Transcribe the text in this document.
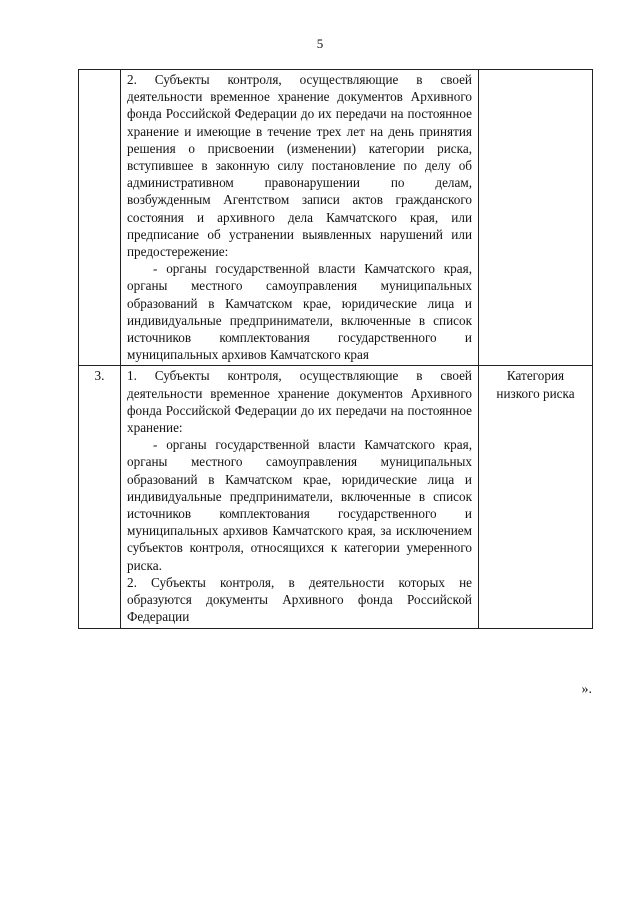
5

	2. Субъекты контроля, осуществляющие в своей деятельности временное хранение документов Архивного фонда Российской Федерации до их передачи на постоянное хранение и имеющие в течение трех лет на день принятия решения о присвоении (изменении) категории риска, вступившее в законную силу постановление по делу об административном правонарушении по делам, возбужденным Агентством записи актов гражданского состояния и архивного дела Камчатского края, или предписание об устранении выявленных нарушений или предостережение:

- органы государственной власти Камчатского края, органы местного самоуправления муниципальных образований в Камчатском крае, юридические лица и индивидуальные предприниматели, включенные в список источников комплектования государственного и муниципальных архивов Камчатского края	

3.	1. Субъекты контроля, осуществляющие в своей деятельности временное хранение документов Архивного фонда Российской Федерации до их передачи на постоянное хранение:

- органы государственной власти Камчатского края, органы местного самоуправления муниципальных образований в Камчатском крае, юридические лица и индивидуальные предприниматели, включенные в список источников комплектования государственного и муниципальных архивов Камчатского края, за исключением субъектов контроля, относящихся к категории умеренного риска.

2. Субъекты контроля, в деятельности которых не образуются документы Архивного фонда Российской Федерации	Категория низкого риска
».
